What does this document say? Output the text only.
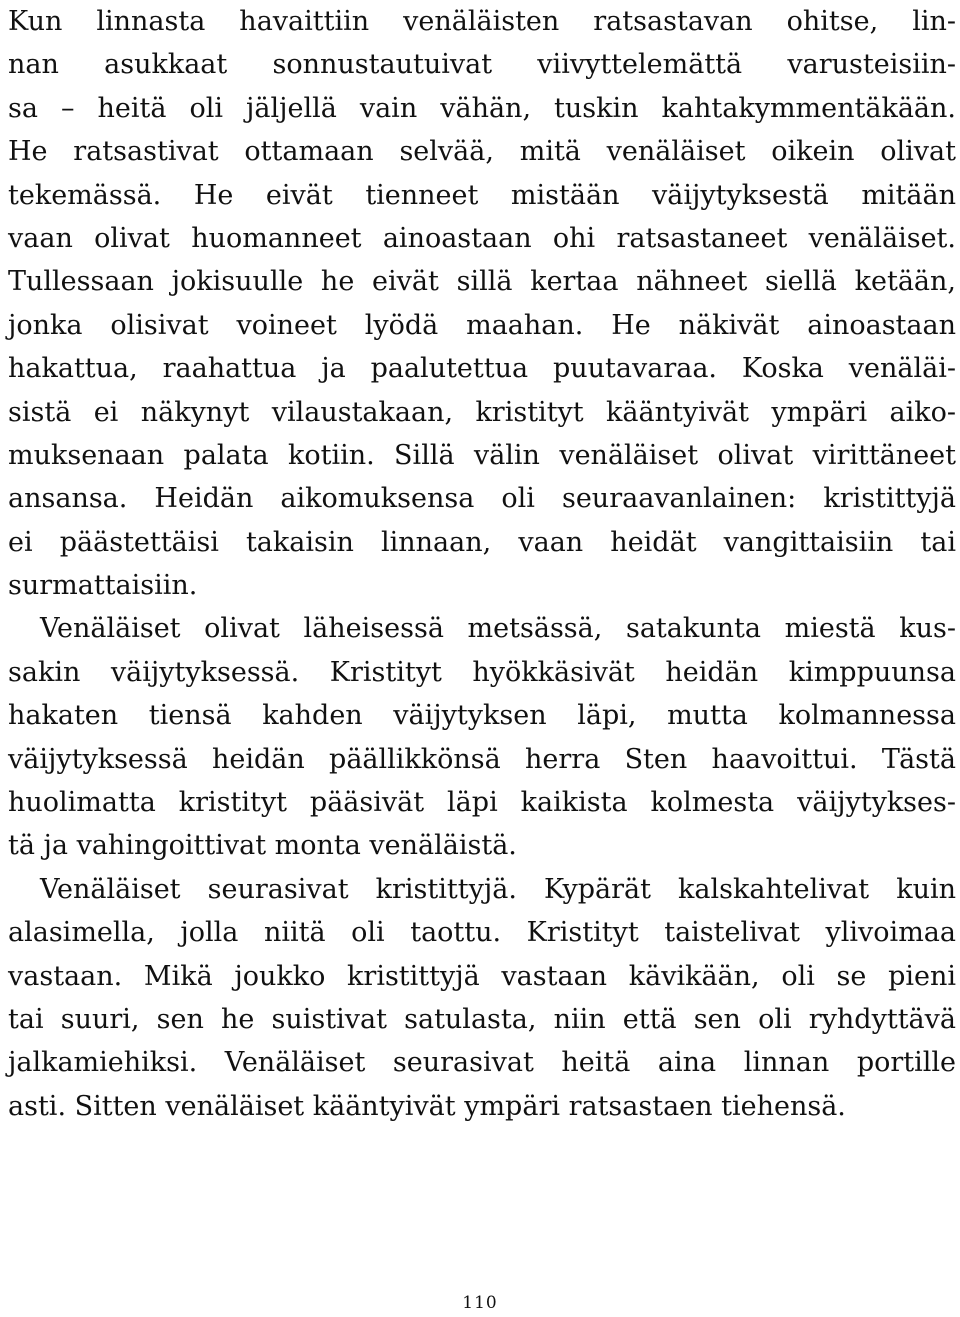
Kun linnasta havaittiin venäläisten ratsastavan ohitse, lin-
nan asukkaat sonnustautuivat viivyttelemättä varusteisiin-
sa – heitä oli jäljellä vain vähän, tuskin kahtakymmentäkään.
He ratsastivat ottamaan selvää, mitä venäläiset oikein olivat
tekemässä. He eivät tienneet mistään väijytyksestä mitään
vaan olivat huomanneet ainoastaan ohi ratsastaneet venäläiset.
Tullessaan jokisuulle he eivät sillä kertaa nähneet siellä ketään,
jonka olisivat voineet lyödä maahan. He näkivät ainoastaan
hakattua, raahattua ja paalutettua puutavaraa. Koska venäläi-
sistä ei näkynyt vilaustakaan, kristityt kääntyivät ympäri aiko-
muksenaan palata kotiin. Sillä välin venäläiset olivat virittäneet
ansansa. Heidän aikomuksensa oli seuraavanlainen: kristittyjä
ei päästettäisi takaisin linnaan, vaan heidät vangittaisiin tai
surmattaisiin.
Venäläiset olivat läheisessä metsässä, satakunta miestä kus-
sakin väijytyksessä. Kristityt hyökkäsivät heidän kimppuunsa
hakaten tiensä kahden väijytyksen läpi, mutta kolmannessa
väijytyksessä heidän päällikkönsä herra Sten haavoittui. Tästä
huolimatta kristityt pääsivät läpi kaikista kolmesta väijytykses-
tä ja vahingoittivat monta venäläistä.
Venäläiset seurasivat kristittyjä. Kypärät kalskahtelivat kuin
alasimella, jolla niitä oli taottu. Kristityt taistelivat ylivoimaa
vastaan. Mikä joukko kristittyjä vastaan kävikään, oli se pieni
tai suuri, sen he suistivat satulasta, niin että sen oli ryhdyttävä
jalkamiehiksi. Venäläiset seurasivat heitä aina linnan portille
asti. Sitten venäläiset kääntyivät ympäri ratsastaen tiehensä.
110
